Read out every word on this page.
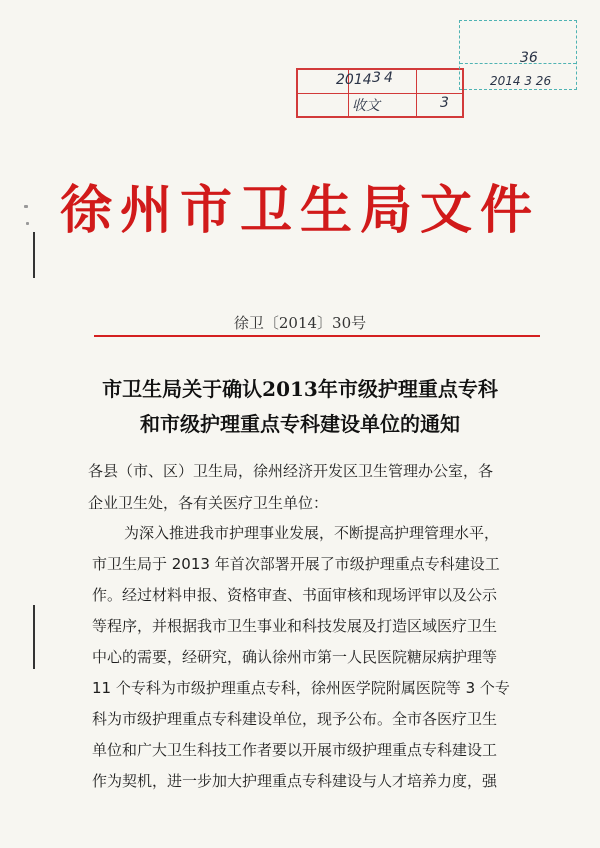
2014 3 4
收文	3
36
2014 3 26
徐州市卫生局文件
徐卫〔2014〕30号
市卫生局关于确认2013年市级护理重点专科
和市级护理重点专科建设单位的通知
各县（市、区）卫生局，徐州经济开发区卫生管理办公室，各
企业卫生处，各有关医疗卫生单位：
为深入推进我市护理事业发展，不断提高护理管理水平，
市卫生局于 2013 年首次部署开展了市级护理重点专科建设工
作。经过材料申报、资格审查、书面审核和现场评审以及公示
等程序，并根据我市卫生事业和科技发展及打造区域医疗卫生
中心的需要，经研究，确认徐州市第一人民医院糖尿病护理等
11 个专科为市级护理重点专科，徐州医学院附属医院等 3 个专
科为市级护理重点专科建设单位，现予公布。全市各医疗卫生
单位和广大卫生科技工作者要以开展市级护理重点专科建设工
作为契机，进一步加大护理重点专科建设与人才培养力度，强
